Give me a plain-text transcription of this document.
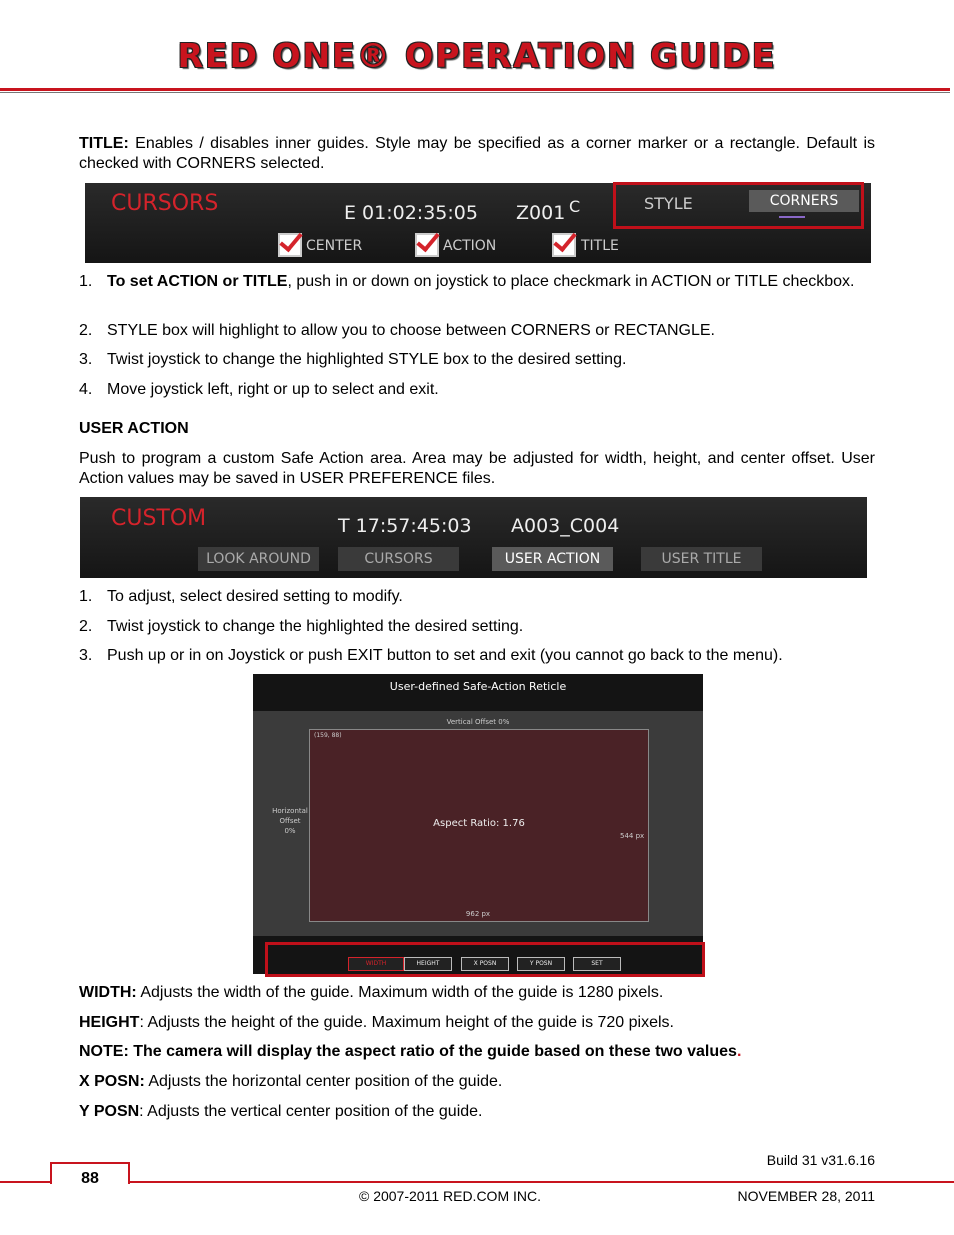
RED ONE® OPERATION GUIDE
TITLE: Enables / disables inner guides. Style may be specified as a corner marker or a rectangle. Default is checked with CORNERS selected.
CURSORS	E 01:02:35:05 Z001 C	STYLE	CORNERS
CENTER	ACTION	TITLE
1. To set ACTION or TITLE, push in or down on joystick to place checkmark in ACTION or TITLE checkbox.
2. STYLE box will highlight to allow you to choose between CORNERS or RECTANGLE.
3. Twist joystick to change the highlighted STYLE box to the desired setting.
4. Move joystick left, right or up to select and exit.
USER ACTION
Push to program a custom Safe Action area. Area may be adjusted for width, height, and center offset. User Action values may be saved in USER PREFERENCE files.
CUSTOM	T 17:57:45:03 A003_C004
LOOK AROUND	CURSORS	USER ACTION	USER TITLE
1. To adjust, select desired setting to modify.
2. Twist joystick to change the highlighted the desired setting.
3. Push up or in on Joystick or push EXIT button to set and exit (you cannot go back to the menu).
User-defined Safe-Action Reticle
Vertical Offset 0%
(159, 88)
Horizontal
Offset
0%
Aspect Ratio: 1.76
544 px
962 px
WIDTH	HEIGHT	X POSN	Y POSN	SET
WIDTH: Adjusts the width of the guide. Maximum width of the guide is 1280 pixels.
HEIGHT: Adjusts the height of the guide. Maximum height of the guide is 720 pixels.
NOTE: The camera will display the aspect ratio of the guide based on these two values.
X POSN: Adjusts the horizontal center position of the guide.
Y POSN: Adjusts the vertical center position of the guide.
Build 31 v31.6.16
88
© 2007-2011 RED.COM INC.	NOVEMBER 28, 2011
